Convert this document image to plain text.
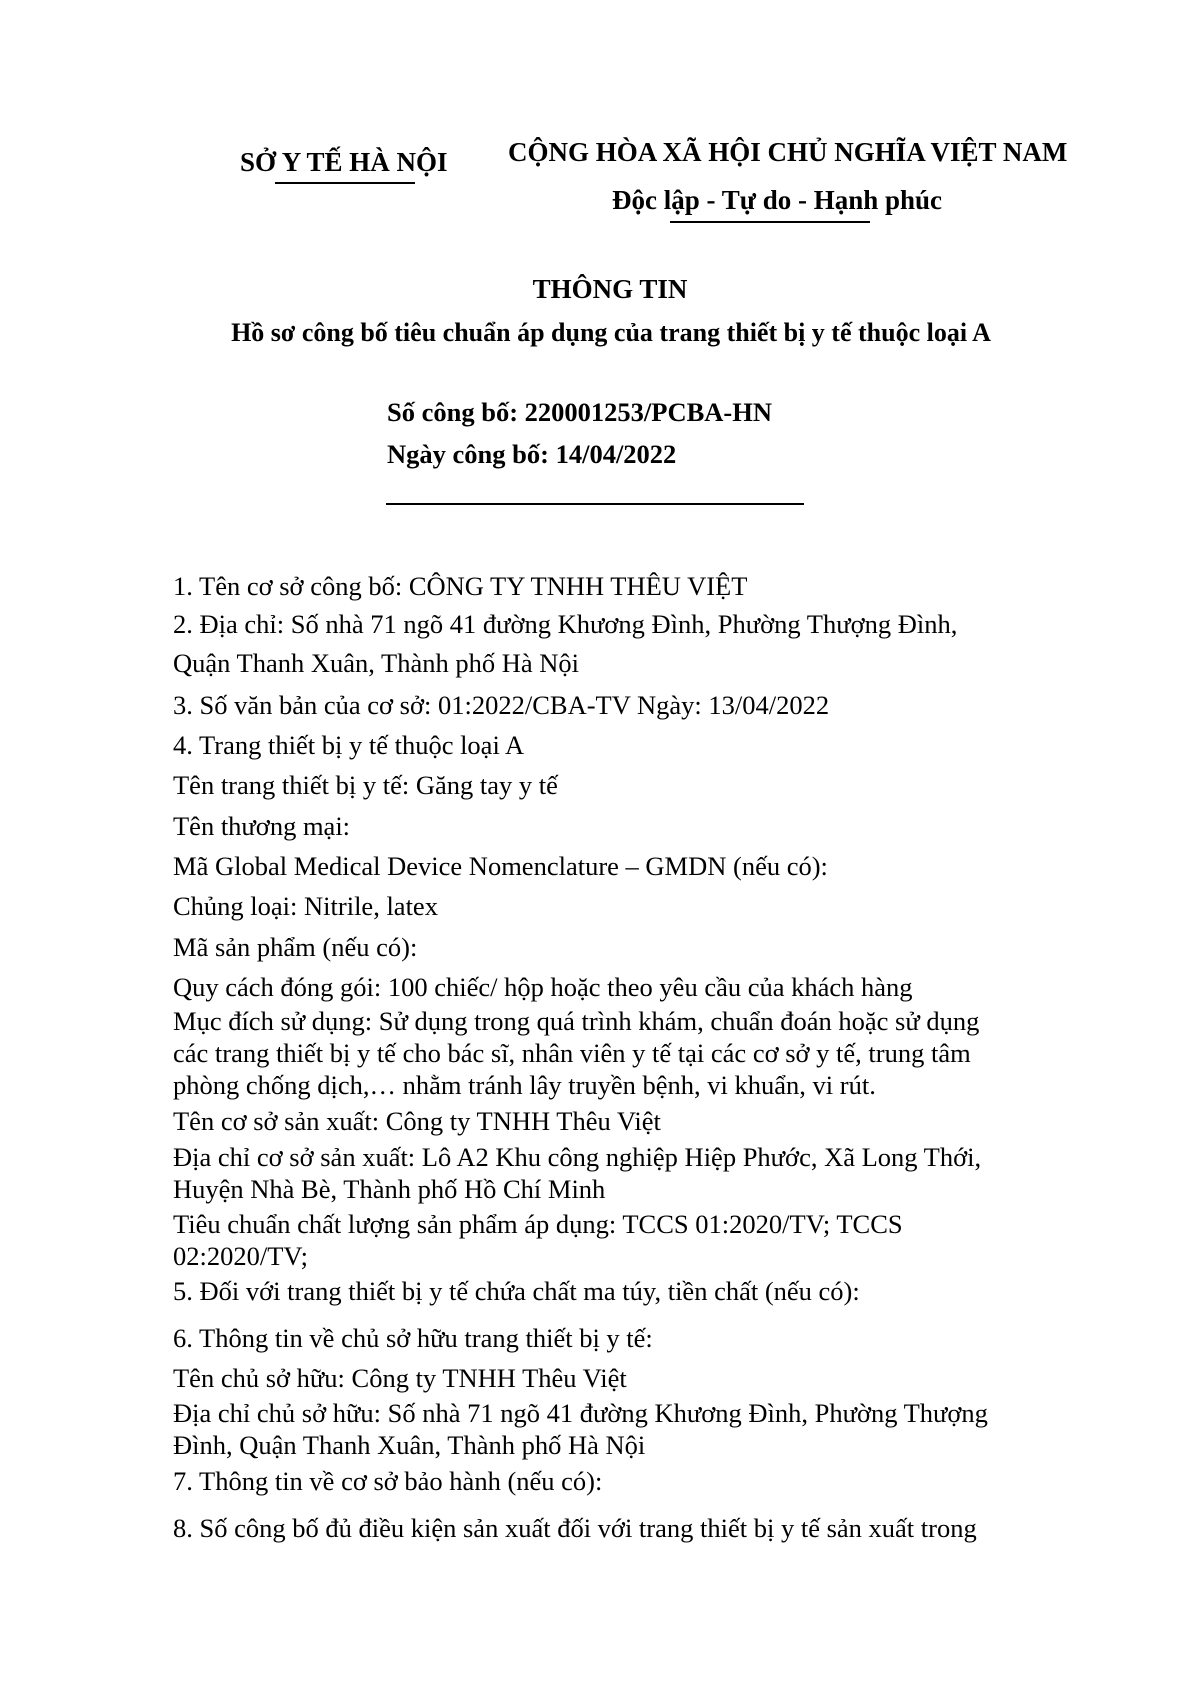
SỞ Y TẾ HÀ NỘI CỘNG HÒA XÃ HỘI CHỦ NGHĨA VIỆT NAM
Độc lập - Tự do - Hạnh phúc
THÔNG TIN
Hồ sơ công bố tiêu chuẩn áp dụng của trang thiết bị y tế thuộc loại A
Số công bố: 220001253/PCBA-HN
Ngày công bố: 14/04/2022
1. Tên cơ sở công bố: CÔNG TY TNHH THÊU VIỆT
2. Địa chỉ: Số nhà 71 ngõ 41 đường Khương Đình, Phường Thượng Đình,
Quận Thanh Xuân, Thành phố Hà Nội
3. Số văn bản của cơ sở: 01:2022/CBA-TV Ngày: 13/04/2022
4. Trang thiết bị y tế thuộc loại A
Tên trang thiết bị y tế: Găng tay y tế
Tên thương mại:
Mã Global Medical Device Nomenclature – GMDN (nếu có):
Chủng loại: Nitrile, latex
Mã sản phẩm (nếu có):
Quy cách đóng gói: 100 chiếc/ hộp hoặc theo yêu cầu của khách hàng
Mục đích sử dụng: Sử dụng trong quá trình khám, chuẩn đoán hoặc sử dụng
các trang thiết bị y tế cho bác sĩ, nhân viên y tế tại các cơ sở y tế, trung tâm
phòng chống dịch,… nhằm tránh lây truyền bệnh, vi khuẩn, vi rút.
Tên cơ sở sản xuất: Công ty TNHH Thêu Việt
Địa chỉ cơ sở sản xuất: Lô A2 Khu công nghiệp Hiệp Phước, Xã Long Thới,
Huyện Nhà Bè, Thành phố Hồ Chí Minh
Tiêu chuẩn chất lượng sản phẩm áp dụng: TCCS 01:2020/TV; TCCS
02:2020/TV;
5. Đối với trang thiết bị y tế chứa chất ma túy, tiền chất (nếu có):
6. Thông tin về chủ sở hữu trang thiết bị y tế:
Tên chủ sở hữu: Công ty TNHH Thêu Việt
Địa chỉ chủ sở hữu: Số nhà 71 ngõ 41 đường Khương Đình, Phường Thượng
Đình, Quận Thanh Xuân, Thành phố Hà Nội
7. Thông tin về cơ sở bảo hành (nếu có):
8. Số công bố đủ điều kiện sản xuất đối với trang thiết bị y tế sản xuất trong
